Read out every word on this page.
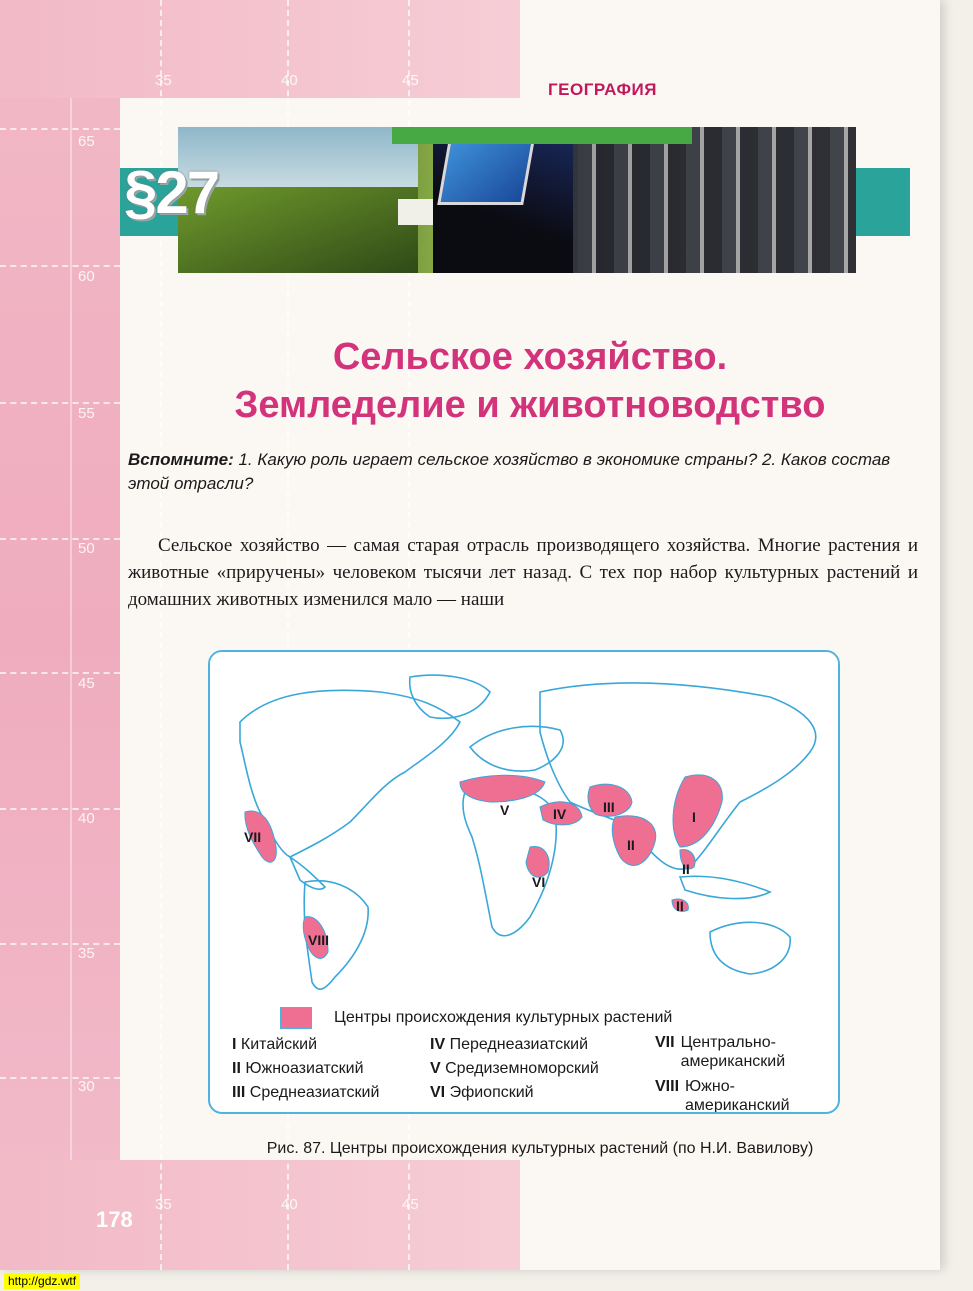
35	40	45
65
60
55
50
45
40
35
30
35	40	45
ГЕОГРАФИЯ
§27
Сельское хозяйство.
Земледелие и животноводство
Вспомните: 1. Какую роль играет сельское хозяйство в экономике страны? 2. Каков состав этой отрасли?
Сельское хозяйство — самая старая отрасль производящего хозяйства. Многие растения и животные «приручены» человеком тысячи лет назад. С тех пор набор культурных растений и домашних животных изменился мало — наши
I
II
II
II
III
IV
V
VI
VII
VIII
Центры происхождения культурных растений
I Китайский
II Южноазиатский
III Среднеазиатский
IV Переднеазиатский
V Средиземноморский
VI Эфиопский
VII Центрально-американский
VIII Южно-американский
Рис. 87. Центры происхождения культурных растений (по Н.И. Вавилову)
178
http://gdz.wtf
